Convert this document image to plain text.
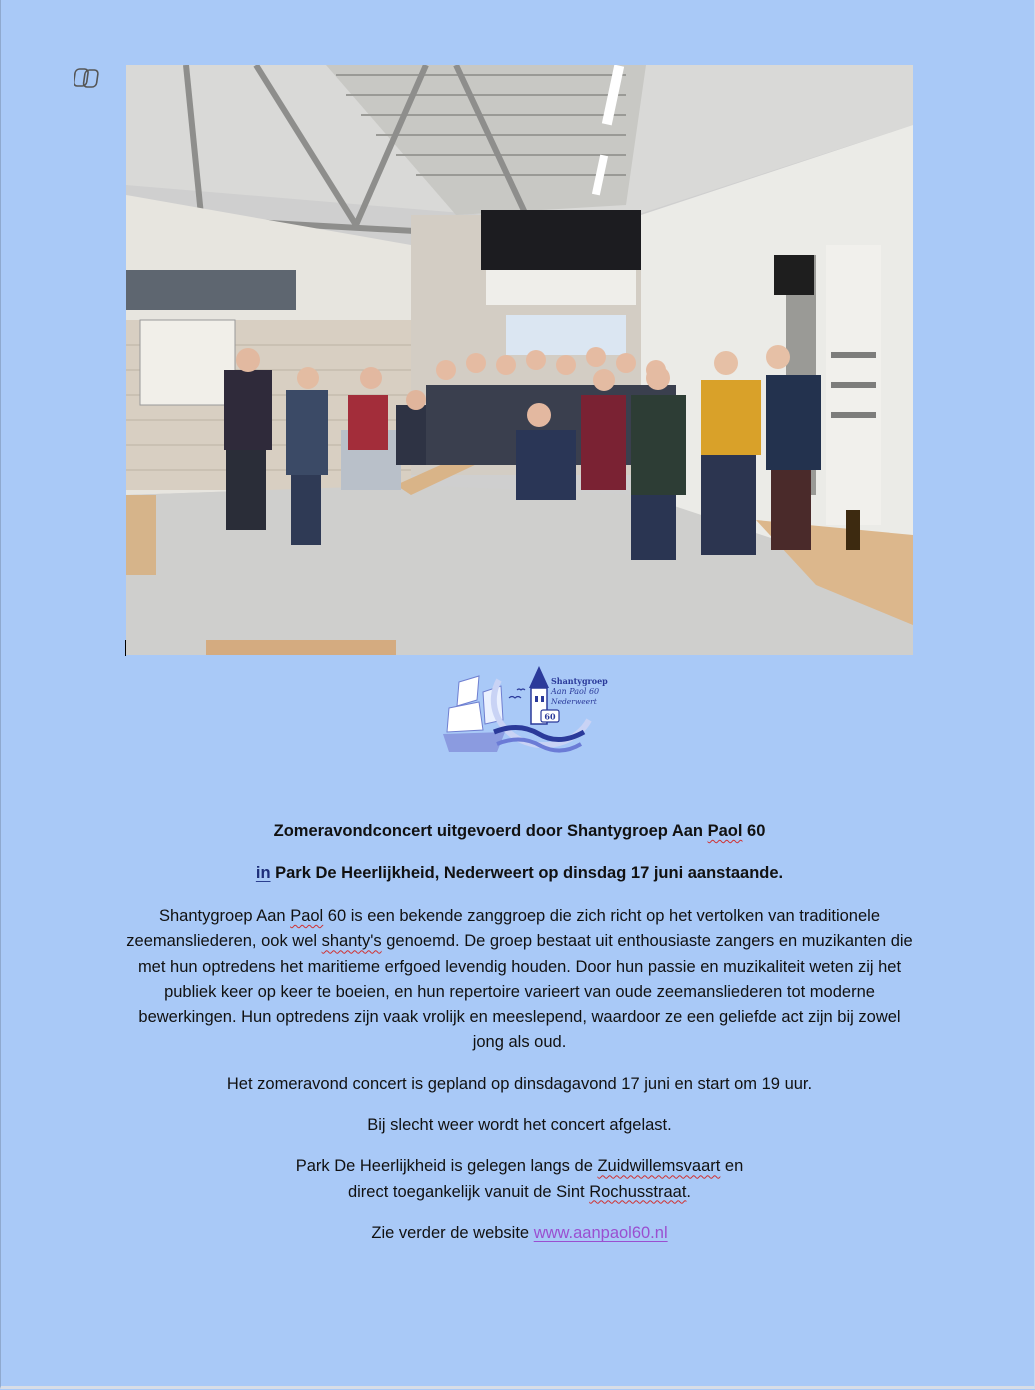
60
Shantygroep
Aan Paol 60
Nederweert

Zomeravondconcert uitgevoerd door Shantygroep Aan Paol 60

in Park De Heerlijkheid, Nederweert op dinsdag 17 juni aanstaande.

Shantygroep Aan Paol 60 is een bekende zanggroep die zich richt op het vertolken van traditionele zeemansliederen, ook wel shanty's genoemd. De groep bestaat uit enthousiaste zangers en muzikanten die met hun optredens het maritieme erfgoed levendig houden. Door hun passie en muzikaliteit weten zij het publiek keer op keer te boeien, en hun repertoire varieert van oude zeemansliederen tot moderne bewerkingen. Hun optredens zijn vaak vrolijk en meeslepend, waardoor ze een geliefde act zijn bij zowel jong als oud.

Het zomeravond concert is gepland op dinsdagavond 17 juni en start om 19 uur.

Bij slecht weer wordt het concert afgelast.

Park De Heerlijkheid is gelegen langs de Zuidwillemsvaart en
direct toegankelijk vanuit de Sint Rochusstraat.

Zie verder de website www.aanpaol60.nl
